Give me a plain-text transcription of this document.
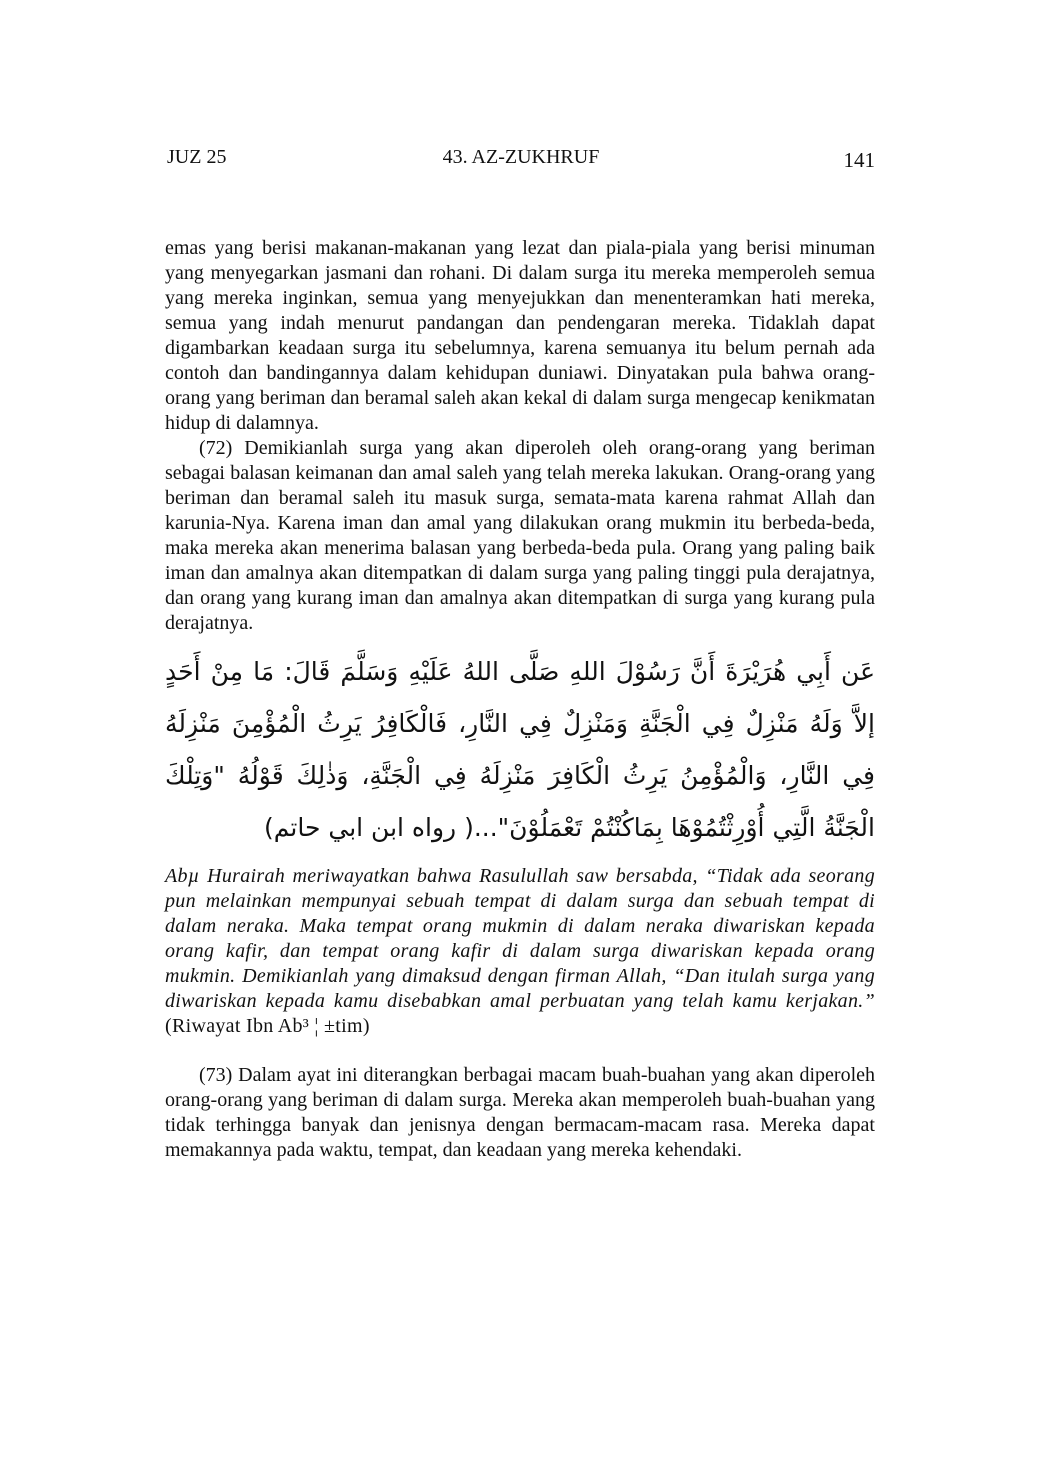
JUZ 25	43. AZ-ZUKHRUF	141

emas yang berisi makanan-makanan yang lezat dan piala-piala yang berisi minuman yang menyegarkan jasmani dan rohani. Di dalam surga itu mereka memperoleh semua yang mereka inginkan, semua yang menyejukkan dan menenteramkan hati mereka, semua yang indah menurut pandangan dan pendengaran mereka. Tidaklah dapat digambarkan keadaan surga itu sebelumnya, karena semuanya itu belum pernah ada contoh dan bandingannya dalam kehidupan duniawi. Dinyatakan pula bahwa orang-orang yang beriman dan beramal saleh akan kekal di dalam surga mengecap kenikmatan hidup di dalamnya.

(72) Demikianlah surga yang akan diperoleh oleh orang-orang yang beriman sebagai balasan keimanan dan amal saleh yang telah mereka lakukan. Orang-orang yang beriman dan beramal saleh itu masuk surga, semata-mata karena rahmat Allah dan karunia-Nya. Karena iman dan amal yang dilakukan orang mukmin itu berbeda-beda, maka mereka akan menerima balasan yang berbeda-beda pula. Orang yang paling baik iman dan amalnya akan ditempatkan di dalam surga yang paling tinggi pula derajatnya, dan orang yang kurang iman dan amalnya akan ditempatkan di surga yang kurang pula derajatnya.

عَن أَبِي هُرَيْرَةَ أَنَّ رَسُوْلَ اللهِ صَلَّى اللهُ عَلَيْهِ وَسَلَّمَ قَالَ: مَا مِنْ أَحَدٍ إلاَّ وَلَهُ مَنْزِلٌ فِي الْجَنَّةِ وَمَنْزِلٌ فِي النَّارِ، فَالْكَافِرُ يَرِثُ الْمُؤْمِنَ مَنْزِلَهُ فِي النَّارِ، وَالْمُؤْمِنُ يَرِثُ الْكَافِرَ مَنْزِلَهُ فِي الْجَنَّةِ، وَذٰلِكَ قَوْلُهُ "وَتِلْكَ الْجَنَّةُ الَّتِي أُوْرِثْتُمُوْهَا بِمَاكُنْتُمْ تَعْمَلُوْنَ"...( رواه ابن ابي حاتم)

Abµ Hurairah meriwayatkan bahwa Rasulullah saw bersabda, “Tidak ada seorang pun melainkan mempunyai sebuah tempat di dalam surga dan sebuah tempat di dalam neraka. Maka tempat orang mukmin di dalam neraka diwariskan kepada orang kafir, dan tempat orang kafir di dalam surga diwariskan kepada orang mukmin. Demikianlah yang dimaksud dengan firman Allah, “Dan itulah surga yang diwariskan kepada kamu disebabkan amal perbuatan yang telah kamu kerjakan.” (Riwayat Ibn Ab³ ¦ ±tim)

(73) Dalam ayat ini diterangkan berbagai macam buah-buahan yang akan diperoleh orang-orang yang beriman di dalam surga. Mereka akan memperoleh buah-buahan yang tidak terhingga banyak dan jenisnya dengan bermacam-macam rasa. Mereka dapat memakannya pada waktu, tempat, dan keadaan yang mereka kehendaki.
